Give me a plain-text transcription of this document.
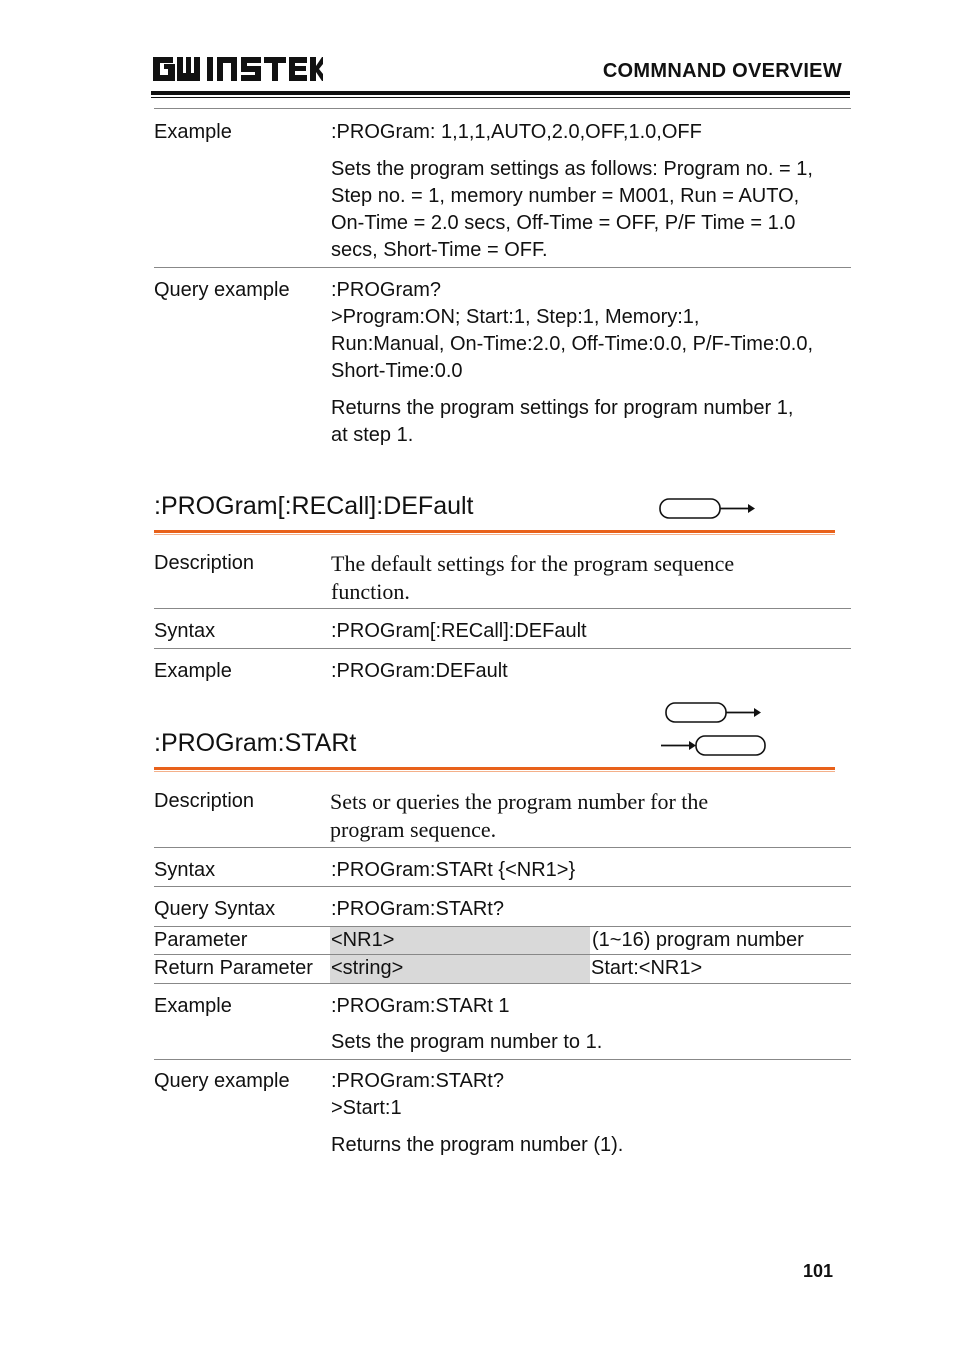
COMMNAND OVERVIEW
Example	:PROGram: 1,1,1,AUTO,2.0,OFF,1.0,OFF
Sets the program settings as follows: Program no. = 1,
Step no. = 1, memory number = M001, Run = AUTO,
On-Time = 2.0 secs, Off-Time = OFF, P/F Time = 1.0
secs, Short-Time = OFF.
Query example :PROGram?
>Program:ON; Start:1, Step:1, Memory:1,
Run:Manual, On-Time:2.0, Off-Time:0.0, P/F-Time:0.0,
Short-Time:0.0
Returns the program settings for program number 1,
at step 1.
:PROGram[:RECall]:DEFault
Description	The default settings for the program sequence
function.
Syntax	:PROGram[:RECall]:DEFault
Example	:PROGram:DEFault
:PROGram:STARt
Description	Sets or queries the program number for the
program sequence.
Syntax	:PROGram:STARt {<NR1>}
Query Syntax	:PROGram:STARt?
Parameter	<NR1>	(1~16) program number
Return Parameter <string>	Start:<NR1>
Example	:PROGram:STARt 1
Sets the program number to 1.
Query example :PROGram:STARt?
>Start:1
Returns the program number (1).
101
